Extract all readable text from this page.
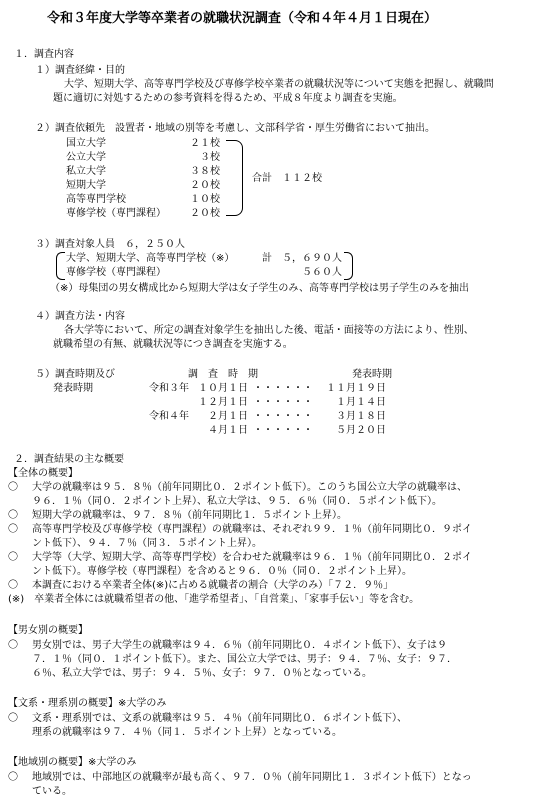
令和３年度大学等卒業者の就職状況調査（令和４年４月１日現在）
１．調査内容
１）調査経緯・目的
大学、短期大学、高等専門学校及び専修学校卒業者の就職状況等について実態を把握し、就職問
題に適切に対処するための参考資料を得るため、平成８年度より調査を実施。
２）調査依頼先　設置者・地域の別等を考慮し、文部科学省・厚生労働省において抽出。
国立大学	２１校
公立大学	３校
私立大学	３８校
短期大学	２０校
高等専門学校	１０校
専修学校（専門課程）	２０校
合計　１１２校
３）調査対象人員　６，２５０人
大学、短期大学、高等専門学校（※）	計　５，６９０人
専修学校（専門課程）	５６０人
（※）母集団の男女構成比から短期大学は女子学生のみ、高等専門学校は男子学生のみを抽出
４）調査方法・内容
各大学等において、所定の調査対象学生を抽出した後、電話・面接等の方法により、性別、
就職希望の有無、就職状況等につき調査を実施する。
５）調査時期及び
発表時期
調　査　時　期	発表時期
令和３年 １０月１日 ・・・・・・	１１月１９日
１２月１日 ・・・・・・	１月１４日
令和４年	２月１日 ・・・・・・	３月１８日
４月１日 ・・・・・・	５月２０日
２．調査結果の主な概要
【全体の概要】
〇 大学の就職率は９５．８％（前年同期比０．２ポイント低下）。このうち国公立大学の就職率は、
９６．１％（同０．２ポイント上昇）、私立大学は、９５．６％（同０．５ポイント低下）。
〇 短期大学の就職率は、９７．８％（前年同期比１．５ポイント上昇）。
〇 高等専門学校及び専修学校（専門課程）の就職率は、それぞれ９９．１％（前年同期比０．９ポイ
ント低下）、９４．７％（同３．５ポイント上昇）。
〇 大学等（大学、短期大学、高等専門学校）を合わせた就職率は９６．１％（前年同期比０．２ポイ
ント低下）。専修学校（専門課程）を含めると９６．０％（同０．２ポイント上昇）。
〇 本調査における卒業者全体(※)に占める就職者の割合（大学のみ）「７２．９％」
(※)　卒業者全体には就職希望者の他、「進学希望者」、「自営業」、「家事手伝い」等を含む。
【男女別の概要】
〇 男女別では、男子大学生の就職率は９４．６％（前年同期比０．４ポイント低下）、女子は９
７．１％（同０．１ポイント低下）。また、国公立大学では、男子：９４．７％、女子：９７．
６％、私立大学では、男子：９４．５％、女子：９７．０％となっている。
【文系・理系別の概要】※大学のみ
〇 文系・理系別では、文系の就職率は９５．４％（前年同期比０．６ポイント低下）、
理系の就職率は９７．４％（同１．５ポイント上昇）となっている。
【地域別の概要】※大学のみ
〇 地域別では、中部地区の就職率が最も高く、９７．０％（前年同期比１．３ポイント低下）となっ
ている。
